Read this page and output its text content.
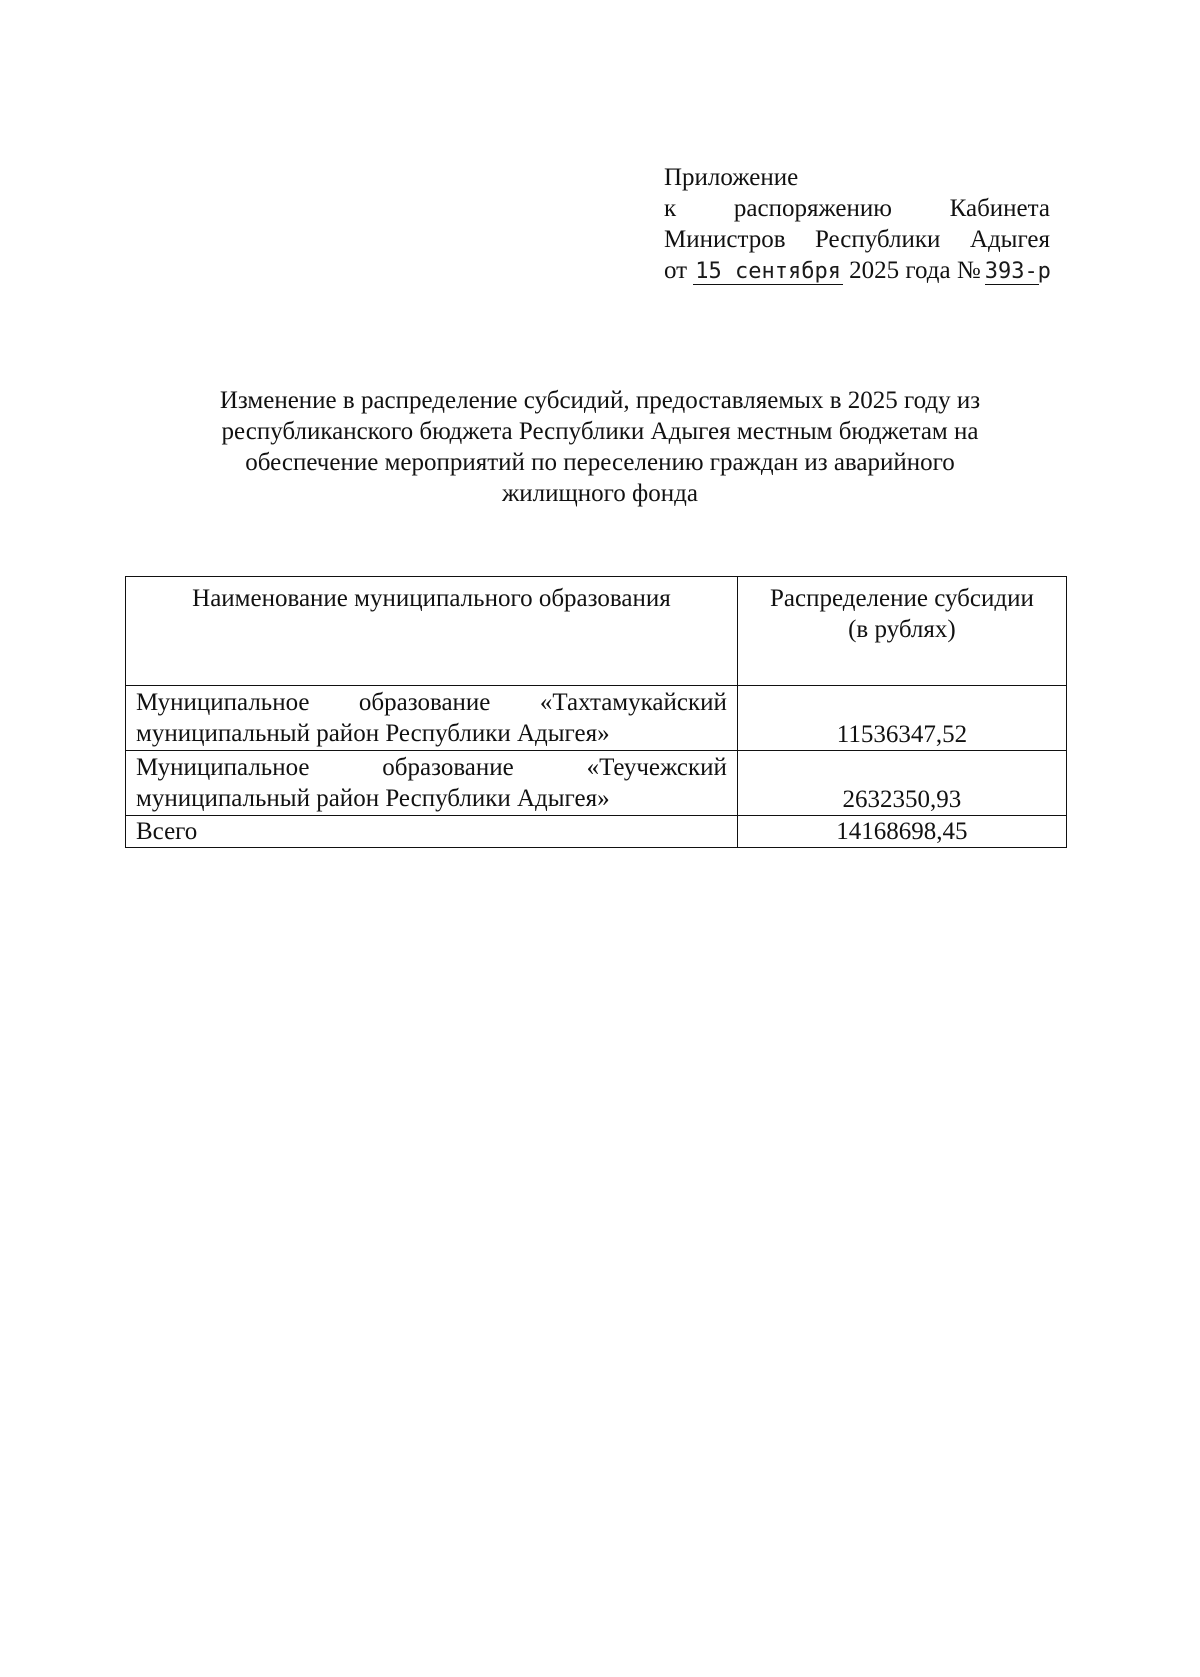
Приложение
к распоряжению Кабинета
Министров Республики Адыгея
от 15 сентября 2025 года № 393-р
Изменение в распределение субсидий, предоставляемых в 2025 году из
республиканского бюджета Республики Адыгея местным бюджетам на
обеспечение мероприятий по переселению граждан из аварийного
жилищного фонда
Наименование муниципального образования	Распределение субсидии
(в рублях)

Муниципальное образование «Тахтамукайский
муниципальный район Республики Адыгея»	11536347,52

Муниципальное образование «Теучежский
муниципальный район Республики Адыгея»	2632350,93
Всего	14168698,45
